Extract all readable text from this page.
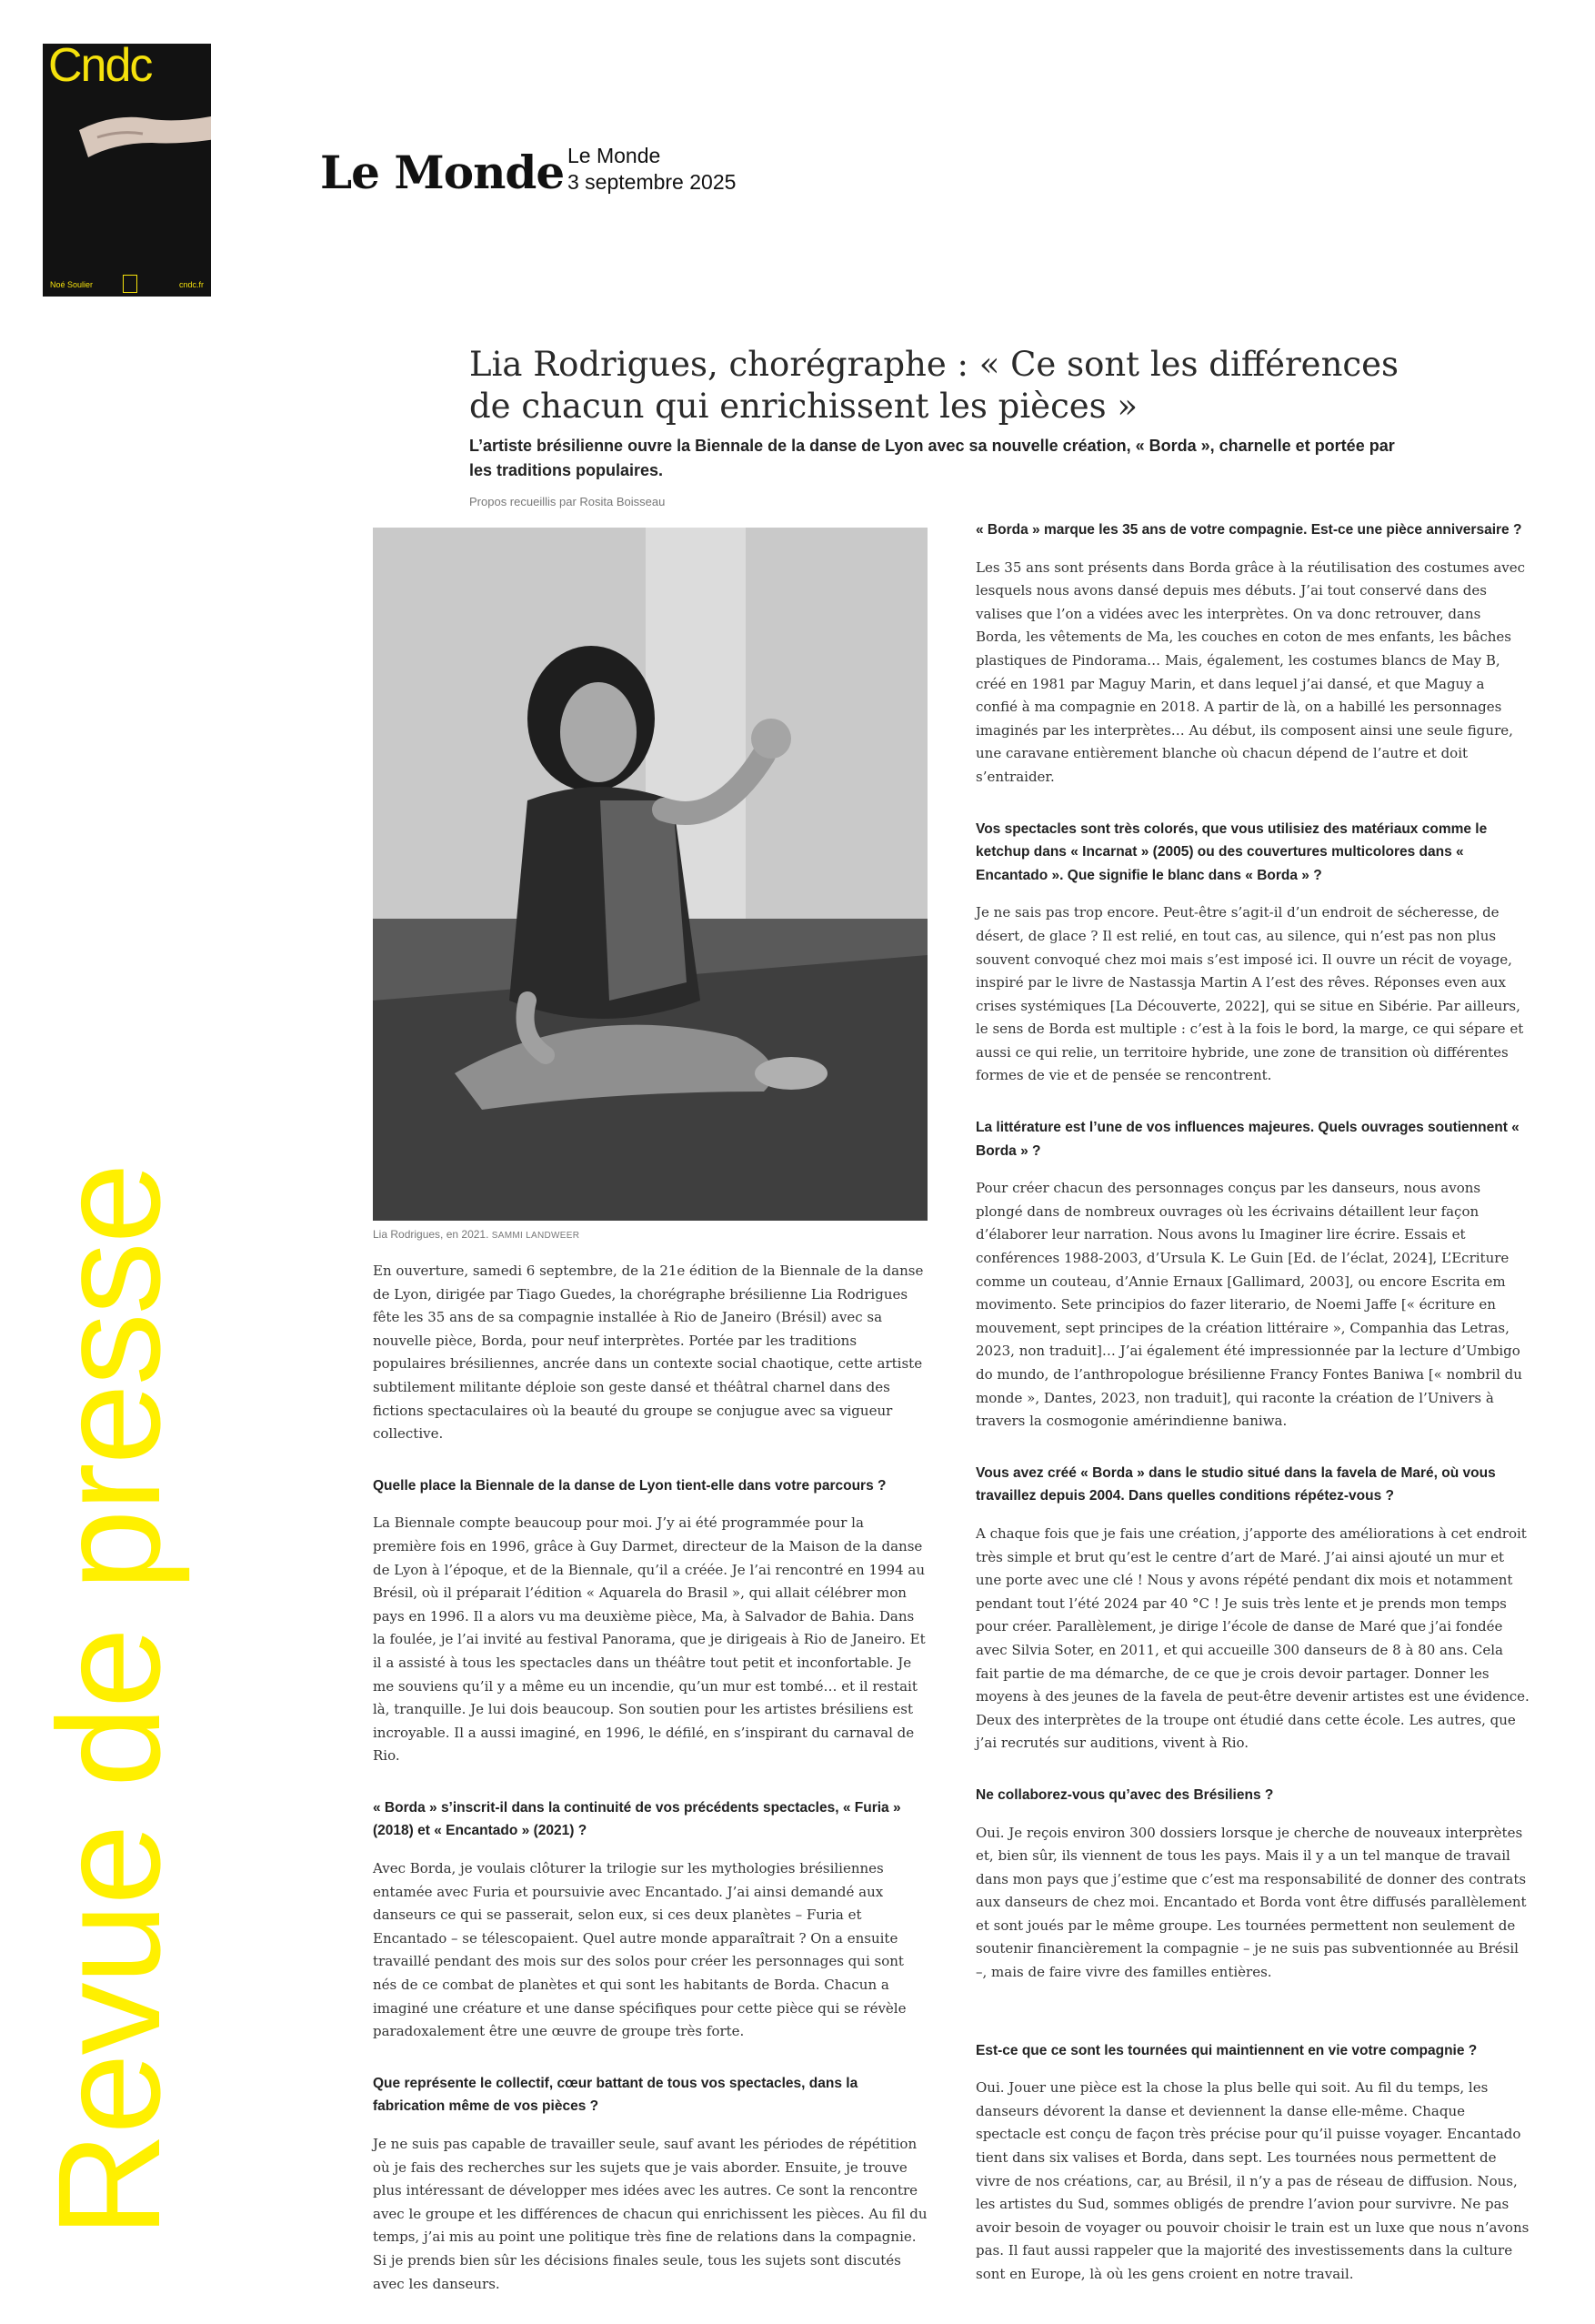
Cndc
Noé Soulier	cndc.fr
Le Monde Le Monde
3 septembre 2025
Revue de presse
Lia Rodrigues, chorégraphe : « Ce sont les différences
de chacun qui enrichissent les pièces »
L’artiste brésilienne ouvre la Biennale de la danse de Lyon avec sa nouvelle création, « Borda », charnelle et portée par les traditions populaires.
Propos recueillis par Rosita Boisseau
Lia Rodrigues, en 2021. SAMMI LANDWEER

En ouverture, samedi 6 septembre, de la 21e édition de la Biennale de la danse de Lyon, dirigée par Tiago Guedes, la chorégraphe brésilienne Lia Rodrigues fête les 35 ans de sa compagnie installée à Rio de Janeiro (Brésil) avec sa nouvelle pièce, Borda, pour neuf interprètes. Portée par les traditions populaires brésiliennes, ancrée dans un contexte social chaotique, cette artiste subtilement militante déploie son geste dansé et théâtral charnel dans des fictions spectaculaires où la beauté du groupe se conjugue avec sa vigueur collective.

Quelle place la Biennale de la danse de Lyon tient-elle dans votre parcours ?

La Biennale compte beaucoup pour moi. J’y ai été programmée pour la première fois en 1996, grâce à Guy Darmet, directeur de la Maison de la danse de Lyon à l’époque, et de la Biennale, qu’il a créée. Je l’ai rencontré en 1994 au Brésil, où il préparait l’édition « Aquarela do Brasil », qui allait célébrer mon pays en 1996. Il a alors vu ma deuxième pièce, Ma, à Salvador de Bahia. Dans la foulée, je l’ai invité au festival Panorama, que je dirigeais à Rio de Janeiro. Et il a assisté à tous les spectacles dans un théâtre tout petit et inconfortable. Je me souviens qu’il y a même eu un incendie, qu’un mur est tombé… et il restait là, tranquille. Je lui dois beaucoup. Son soutien pour les artistes brésiliens est incroyable. Il a aussi imaginé, en 1996, le défilé, en s’inspirant du carnaval de Rio.

« Borda » s’inscrit-il dans la continuité de vos précédents spectacles, « Furia » (2018) et « Encantado » (2021) ?

Avec Borda, je voulais clôturer la trilogie sur les mythologies brésiliennes entamée avec Furia et poursuivie avec Encantado. J’ai ainsi demandé aux danseurs ce qui se passerait, selon eux, si ces deux planètes – Furia et Encantado – se télescopaient. Quel autre monde apparaîtrait ? On a ensuite travaillé pendant des mois sur des solos pour créer les personnages qui sont nés de ce combat de planètes et qui sont les habitants de Borda. Chacun a imaginé une créature et une danse spécifiques pour cette pièce qui se révèle paradoxalement être une œuvre de groupe très forte.

Que représente le collectif, cœur battant de tous vos spectacles, dans la fabrication même de vos pièces ?

Je ne suis pas capable de travailler seule, sauf avant les périodes de répétition où je fais des recherches sur les sujets que je vais aborder. Ensuite, je trouve plus intéressant de développer mes idées avec les autres. Ce sont la rencontre avec le groupe et les différences de chacun qui enrichissent les pièces. Au fil du temps, j’ai mis au point une politique très fine de relations dans la compagnie. Si je prends bien sûr les décisions finales seule, tous les sujets sont discutés avec les danseurs.

« Borda » marque les 35 ans de votre compagnie. Est-ce une pièce anniversaire ?

Les 35 ans sont présents dans Borda grâce à la réutilisation des costumes avec lesquels nous avons dansé depuis mes débuts. J’ai tout conservé dans des valises que l’on a vidées avec les interprètes. On va donc retrouver, dans Borda, les vêtements de Ma, les couches en coton de mes enfants, les bâches plastiques de Pindorama… Mais, également, les costumes blancs de May B, créé en 1981 par Maguy Marin, et dans lequel j’ai dansé, et que Maguy a confié à ma compagnie en 2018. A partir de là, on a habillé les personnages imaginés par les interprètes… Au début, ils composent ainsi une seule figure, une caravane entièrement blanche où chacun dépend de l’autre et doit s’entraider.

Vos spectacles sont très colorés, que vous utilisiez des matériaux comme le ketchup dans « Incarnat » (2005) ou des couvertures multicolores dans « Encantado ». Que signifie le blanc dans « Borda » ?

Je ne sais pas trop encore. Peut-être s’agit-il d’un endroit de sécheresse, de désert, de glace ? Il est relié, en tout cas, au silence, qui n’est pas non plus souvent convoqué chez moi mais s’est imposé ici. Il ouvre un récit de voyage, inspiré par le livre de Nastassja Martin A l’est des rêves. Réponses even aux crises systémiques [La Découverte, 2022], qui se situe en Sibérie. Par ailleurs, le sens de Borda est multiple : c’est à la fois le bord, la marge, ce qui sépare et aussi ce qui relie, un territoire hybride, une zone de transition où différentes formes de vie et de pensée se rencontrent.

La littérature est l’une de vos influences majeures. Quels ouvrages soutiennent « Borda » ?

Pour créer chacun des personnages conçus par les danseurs, nous avons plongé dans de nombreux ouvrages où les écrivains détaillent leur façon d’élaborer leur narration. Nous avons lu Imaginer lire écrire. Essais et conférences 1988-2003, d’Ursula K. Le Guin [Ed. de l’éclat, 2024], L’Ecriture comme un couteau, d’Annie Ernaux [Gallimard, 2003], ou encore Escrita em movimento. Sete principios do fazer literario, de Noemi Jaffe [« écriture en mouvement, sept principes de la création littéraire », Companhia das Letras, 2023, non traduit]… J’ai également été impressionnée par la lecture d’Umbigo do mundo, de l’anthropologue brésilienne Francy Fontes Baniwa [« nombril du monde », Dantes, 2023, non traduit], qui raconte la création de l’Univers à travers la cosmogonie amérindienne baniwa.

Vous avez créé « Borda » dans le studio situé dans la favela de Maré, où vous travaillez depuis 2004. Dans quelles conditions répétez-vous ?

A chaque fois que je fais une création, j’apporte des améliorations à cet endroit très simple et brut qu’est le centre d’art de Maré. J’ai ainsi ajouté un mur et une porte avec une clé ! Nous y avons répété pendant dix mois et notamment pendant tout l’été 2024 par 40 °C ! Je suis très lente et je prends mon temps pour créer. Parallèlement, je dirige l’école de danse de Maré que j’ai fondée avec Silvia Soter, en 2011, et qui accueille 300 danseurs de 8 à 80 ans. Cela fait partie de ma démarche, de ce que je crois devoir partager. Donner les moyens à des jeunes de la favela de peut-être devenir artistes est une évidence. Deux des interprètes de la troupe ont étudié dans cette école. Les autres, que j’ai recrutés sur auditions, vivent à Rio.

Ne collaborez-vous qu’avec des Brésiliens ?

Oui. Je reçois environ 300 dossiers lorsque je cherche de nouveaux interprètes et, bien sûr, ils viennent de tous les pays. Mais il y a un tel manque de travail dans mon pays que j’estime que c’est ma responsabilité de donner des contrats aux danseurs de chez moi. Encantado et Borda vont être diffusés parallèlement et sont joués par le même groupe. Les tournées permettent non seulement de soutenir financièrement la compagnie – je ne suis pas subventionnée au Brésil –, mais de faire vivre des familles entières.

Est-ce que ce sont les tournées qui maintiennent en vie votre compagnie ?

Oui. Jouer une pièce est la chose la plus belle qui soit. Au fil du temps, les danseurs dévorent la danse et deviennent la danse elle-même. Chaque spectacle est conçu de façon très précise pour qu’il puisse voyager. Encantado tient dans six valises et Borda, dans sept. Les tournées nous permettent de vivre de nos créations, car, au Brésil, il n’y a pas de réseau de diffusion. Nous, les artistes du Sud, sommes obligés de prendre l’avion pour survivre. Ne pas avoir besoin de voyager ou pouvoir choisir le train est un luxe que nous n’avons pas. Il faut aussi rappeler que la majorité des investissements dans la culture sont en Europe, là où les gens croient en notre travail.
